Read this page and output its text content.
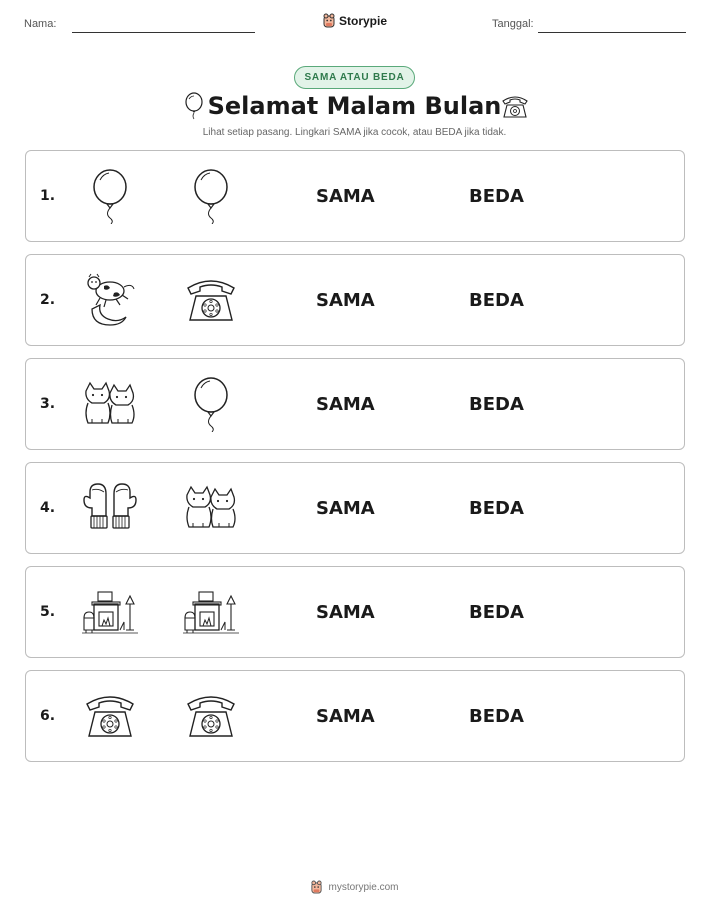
Nama:	Storypie	Tanggal:
SAMA ATAU BEDA
Selamat Malam Bulan
Lihat setiap pasang. Lingkari SAMA jika cocok, atau BEDA jika tidak.
1.	SAMA	BEDA
2.	SAMA	BEDA
3.	SAMA	BEDA
4.	SAMA	BEDA
5.	SAMA	BEDA
6.	SAMA	BEDA
mystorypie.com
